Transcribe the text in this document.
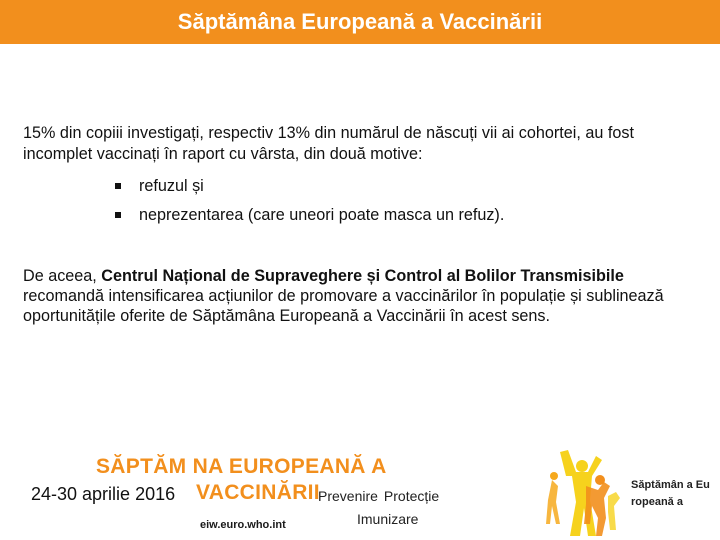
Săptămâna Europeană a Vaccinării
15% din copiii investigați, respectiv 13% din numărul de născuți vii ai cohortei, au fost incomplet vaccinați în raport cu vârsta, din două motive:
refuzul și
neprezentarea (care uneori poate masca un refuz).
De aceea, Centrul Național de Supraveghere și Control al Bolilor Transmisibile recomandă intensificarea acțiunilor de promovare a vaccinărilor în populație și sublinează oportunitățile oferite de Săptămâna Europeană a Vaccinării în acest sens.
SĂPTĂM NA EUROPEANĂ A
24-30 aprilie 2016 VACCINĂRII
Prevenire Protecție
Imunizare
eiw.euro.who.int
Săptămân a Europeană a
